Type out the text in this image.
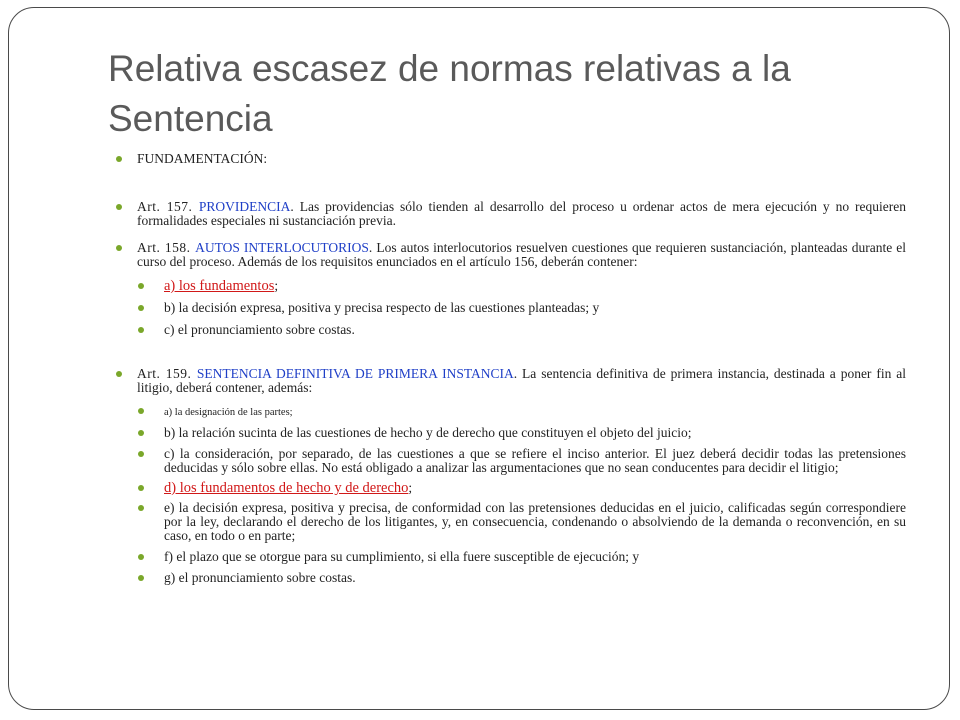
Relativa escasez de normas relativas a la Sentencia
FUNDAMENTACIÓN:
Art. 157. PROVIDENCIA. Las providencias sólo tienden al desarrollo del proceso u ordenar actos de mera ejecución y no requieren formalidades especiales ni sustanciación previa.
Art. 158. AUTOS INTERLOCUTORIOS. Los autos interlocutorios resuelven cuestiones que requieren sustanciación, planteadas durante el curso del proceso. Además de los requisitos enunciados en el artículo 156, deberán contener:
a) los fundamentos;
b) la decisión expresa, positiva y precisa respecto de las cuestiones planteadas; y
c) el pronunciamiento sobre costas.
Art. 159. SENTENCIA DEFINITIVA DE PRIMERA INSTANCIA. La sentencia definitiva de primera instancia, destinada a poner fin al litigio, deberá contener, además:
a) la designación de las partes;
b) la relación sucinta de las cuestiones de hecho y de derecho que constituyen el objeto del juicio;
c) la consideración, por separado, de las cuestiones a que se refiere el inciso anterior. El juez deberá decidir todas las pretensiones deducidas y sólo sobre ellas. No está obligado a analizar las argumentaciones que no sean conducentes para decidir el litigio;
d) los fundamentos de hecho y de derecho;
e) la decisión expresa, positiva y precisa, de conformidad con las pretensiones deducidas en el juicio, calificadas según correspondiere por la ley, declarando el derecho de los litigantes, y, en consecuencia, condenando o absolviendo de la demanda o reconvención, en su caso, en todo o en parte;
f) el plazo que se otorgue para su cumplimiento, si ella fuere susceptible de ejecución; y
g) el pronunciamiento sobre costas.
